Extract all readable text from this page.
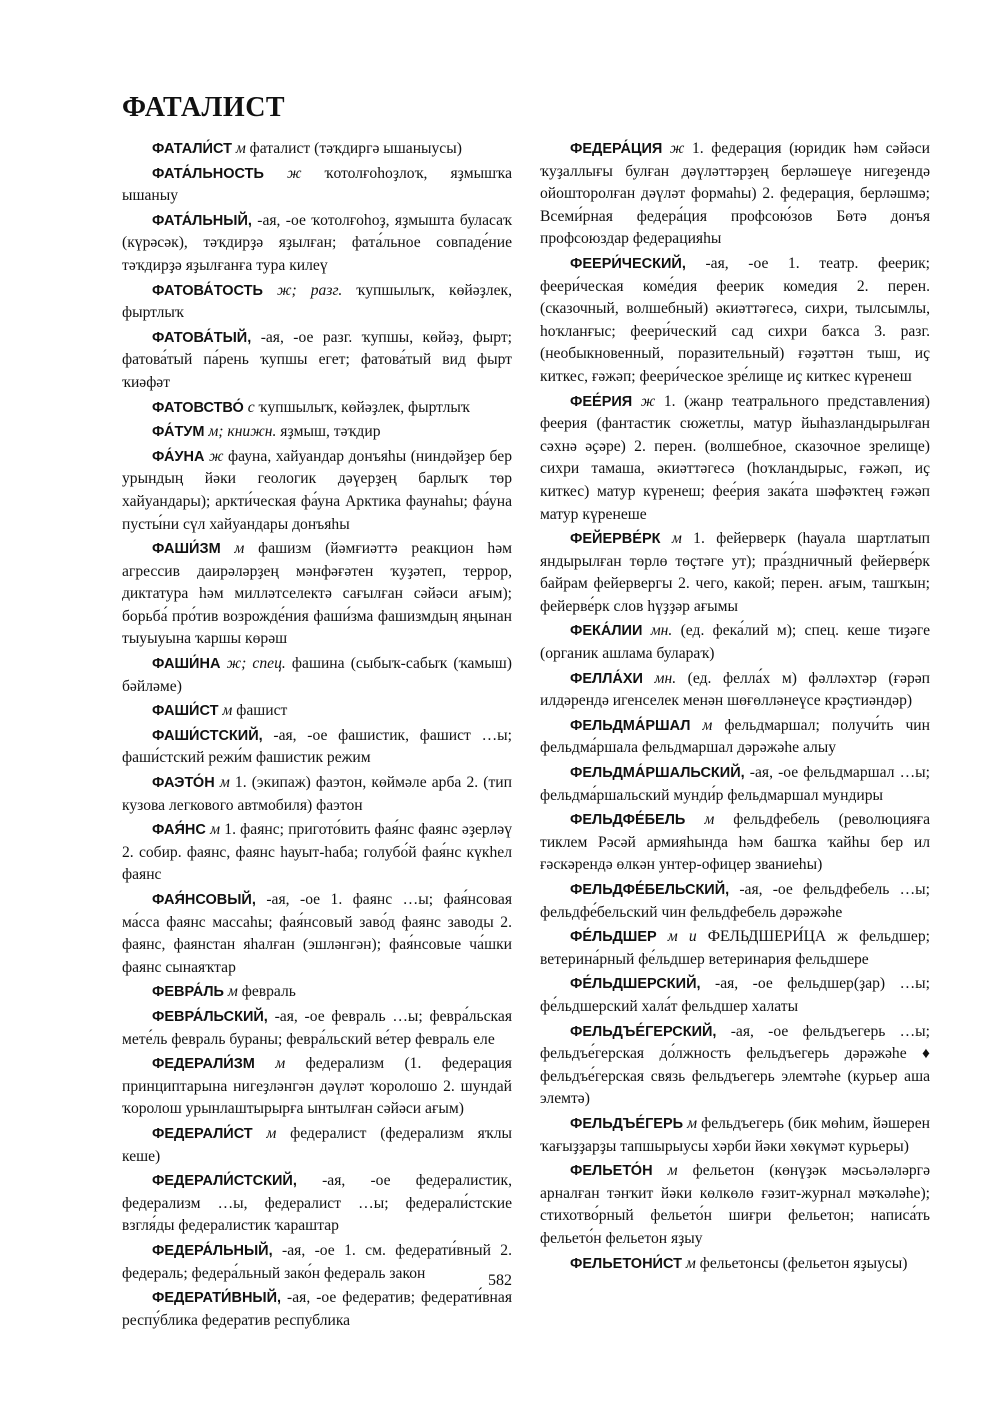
ФАТАЛИСТ

ФАТАЛИ́СТ м фаталист (тәҡдиргә ышаныусы)

ФАТА́ЛЬНОСТЬ ж ҡотолғоһоҙлоҡ, яҙмышҡа ышаныу

ФАТА́ЛЬНЫЙ, -ая, -ое ҡотолғоһоҙ, яҙмышта буласаҡ (күрәсәк), тәҡдирҙә яҙылған; фата́льное совпаде́ние тәҡдирҙә яҙылғанға тура килеү

ФАТОВА́ТОСТЬ ж; разг. ҡупшылыҡ, көйәҙлек, фыртлыҡ

ФАТОВА́ТЫЙ, -ая, -ое разг. ҡупшы, көйәҙ, фырт; фатова́тый па́рень ҡупшы егет; фатова́тый вид фырт ҡиәфәт

ФАТОВСТВО́ с ҡупшылыҡ, көйәҙлек, фыртлыҡ

ФА́ТУМ м; книжн. яҙмыш, тәҡдир

ФА́УНА ж фауна, хайуандар донъяһы (ниндәйҙер бер урындың йәки геологик дәүерҙең барлыҡ төр хайуандары); аркти́ческая фа́уна Арктика фаунаһы; фа́уна пусты́ни сүл хайуандары донъяһы

ФАШИ́ЗМ м фашизм (йәмғиәттә реакцион һәм агрессив даирәләрҙең мәнфәғәтен ҡуҙәтеп, террор, диктатура һәм милләтселектә сағылған сәйәси ағым); борьба́ про́тив возрожде́ния фаши́зма фашизмдың яңынан тыуыуына ҡаршы көрәш

ФАШИ́НА ж; спец. фашина (сыбыҡ-сабыҡ (ҡамыш) бәйләме)

ФАШИ́СТ м фашист

ФАШИ́СТСКИЙ, -ая, -ое фашистик, фашист …ы; фаши́стский режи́м фашистик режим

ФАЭТО́Н м 1. (экипаж) фаэтон, көймәле арба 2. (тип кузова легкового автмобиля) фаэтон

ФАЯ́НС м 1. фаянс; пригото́вить фая́нс фаянс әҙерләү 2. собир. фаянс, фаянс һауыт-һаба; голубо́й фая́нс күкһел фаянс

ФАЯ́НСОВЫЙ, -ая, -ое 1. фаянс …ы; фая́нсовая ма́сса фаянс массаһы; фая́нсовый заво́д фаянс заводы 2. фаянс, фаянстан яһалған (эшләнгән); фая́нсовые ча́шки фаянс сынаяҡтар

ФЕВРА́ЛЬ м февраль

ФЕВРА́ЛЬСКИЙ, -ая, -ое февраль …ы; февра́льская мете́ль февраль бураны; февра́льский ве́тер февраль еле

ФЕДЕРАЛИ́ЗМ м федерализм (1. федерация принциптарына нигеҙләнгән дәүләт ҡоролошо 2. шундай ҡоролош урынлаштырырға ынтылған сәйәси ағым)

ФЕДЕРАЛИ́СТ м федералист (федерализм яҡлы кеше)

ФЕДЕРАЛИ́СТСКИЙ, -ая, -ое федералистик, федерализм …ы, федералист …ы; федерали́стские взгля́ды федералистик ҡараштар

ФЕДЕРА́ЛЬНЫЙ, -ая, -ое 1. см. федерати́вный 2. федераль; федера́льный зако́н федераль закон

ФЕДЕРАТИ́ВНЫЙ, -ая, -ое федератив; федерати́вная респу́блика федератив республика

ФЕДЕРА́ЦИЯ ж 1. федерация (юридик һәм сәйәси ҡуҙаллығы булған дәүләттәрҙең берләшеүе нигеҙендә ойошторолған дәүләт формаһы) 2. федерация, берләшмә; Всеми́рная федера́ция профсою́зов Бөтә донъя профсоюздар федерацияһы

ФЕЕРИ́ЧЕСКИЙ, -ая, -ое 1. театр. феерик; феери́ческая коме́дия феерик комедия 2. перен. (сказочный, волшебный) әкиәттәгесә, сихри, тылсымлы, һоҡланғыс; феери́ческий сад сихри баҡса 3. разг. (необыкновенный, поразительный) ғәҙәттән тыш, иҫ киткес, ғәжәп; феери́ческое зре́лище иҫ киткес күренеш

ФЕЕ́РИЯ ж 1. (жанр театрального представления) феерия (фантастик сюжетлы, матур йыһазландырылған сәхнә әҫәре) 2. перен. (волшебное, сказочное зрелище) сихри тамаша, әкиәттәгесә (һоҡландырыс, ғәжәп, иҫ киткес) матур күренеш; фее́рия зака́та шәфәҡтең ғәжәп матур күренеше

ФЕЙЕРВЕ́РК м 1. фейерверк (һауала шартлатып яндырылған төрлө төҫтәге ут); пра́здничный фейерве́рк байрам фейервергы 2. чего, какой; перен. ағым, ташҡын; фейерве́рк слов һүҙҙәр ағымы

ФЕКА́ЛИИ мн. (ед. фека́лий м); спец. кеше тиҙәге (органик ашлама булараҡ)

ФЕЛЛА́ХИ мн. (ед. фелла́х м) фәлләхтәр (ғәрәп илдәрендә игенселек менән шөғөлләнеүсе крәҫтиәндәр)

ФЕЛЬДМА́РШАЛ м фельдмаршал; получи́ть чин фельдма́ршала фельдмаршал дәрәжәһе алыу

ФЕЛЬДМА́РШАЛЬСКИЙ, -ая, -ое фельдмаршал …ы; фельдма́ршальский мунди́р фельдмаршал мундиры

ФЕЛЬДФЕ́БЕЛЬ м фельдфебель (революцияға тиклем Рәсәй армияһында һәм башҡа ҡайһы бер ил ғәскәрендә өлкән унтер-офицер званиеһы)

ФЕЛЬДФЕ́БЕЛЬСКИЙ, -ая, -ое фельдфебель …ы; фельдфе́бельский чин фельдфебель дәрәжәһе

ФЕ́ЛЬДШЕР м и ФЕЛЬДШЕРИ́ЦА ж фельдшер; ветерина́рный фе́льдшер ветеринария фельдшере

ФЕ́ЛЬДШЕРСКИЙ, -ая, -ое фельдшер(ҙар) …ы; фе́льдшерский хала́т фельдшер халаты

ФЕЛЬДЪЕ́ГЕРСКИЙ, -ая, -ое фельдъегерь …ы; фельдъе́герская до́лжность фельдъегерь дәрәжәһе ♦ фельдъе́герская связь фельдъегерь элемтәһе (курьер аша элемтә)

ФЕЛЬДЪЕ́ГЕРЬ м фельдъегерь (бик мөһим, йәшерен ҡағыҙҙарҙы тапшырыусы хәрби йәки хөкүмәт курьеры)

ФЕЛЬЕТО́Н м фельетон (көнүҙәк мәсьәләләргә арналған тәнҡит йәки көлкөлө ғәзит-журнал мәҡәләһе); стихотво́рный фельето́н шиғри фельетон; написа́ть фельето́н фельетон яҙыу

ФЕЛЬЕТОНИ́СТ м фельетонсы (фельетон яҙыусы)

582
